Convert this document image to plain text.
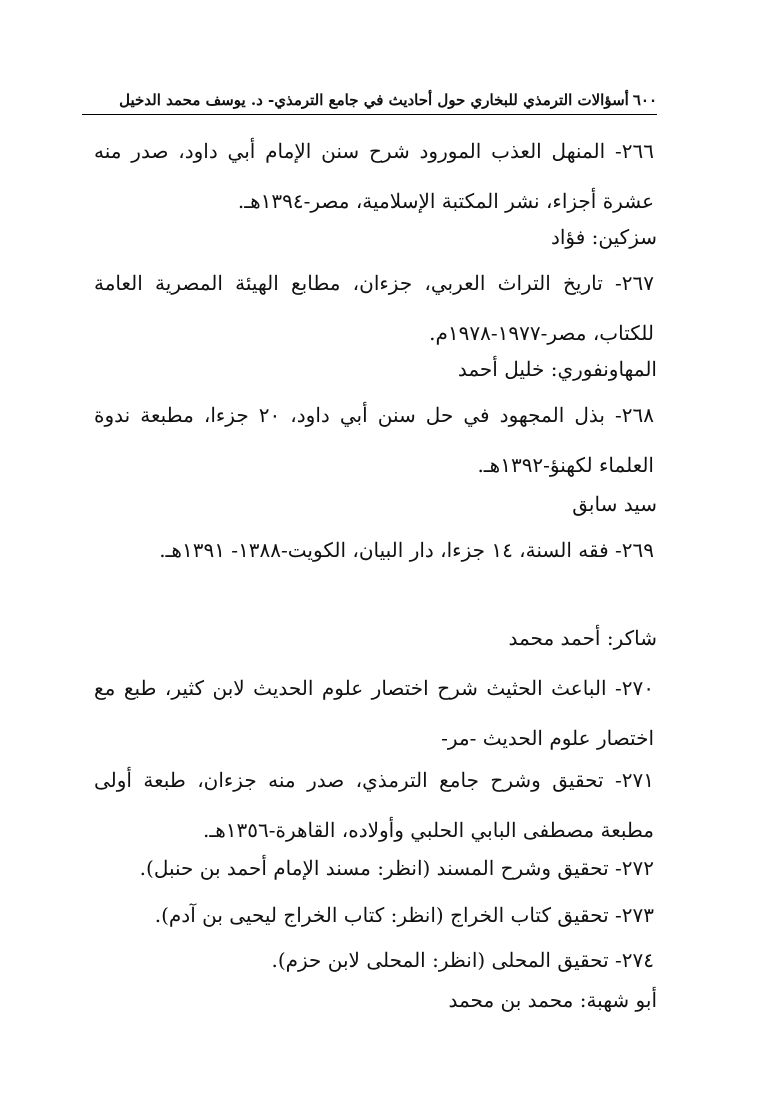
٦٠٠أسؤالات الترمذي للبخاري حول أحاديث في جامع الترمذي- د. يوسف محمد الدخيل
٢٦٦- المنهل العذب المورود شرح سنن الإمام أبي داود، صدر منه عشرة أجزاء، نشر المكتبة الإسلامية، مصر-١٣٩٤هـ.
سزكين: فؤاد
٢٦٧- تاريخ التراث العربي، جزءان، مطابع الهيئة المصرية العامة للكتاب، مصر-١٩٧٧-١٩٧٨م.
المهاونفوري: خليل أحمد
٢٦٨- بذل المجهود في حل سنن أبي داود، ٢٠ جزءا، مطبعة ندوة العلماء لكهنؤ-١٣٩٢هـ.
سيد سابق
٢٦٩- فقه السنة، ١٤ جزءا، دار البيان، الكويت-١٣٨٨- ١٣٩١هـ.
شاكر: أحمد محمد
٢٧٠- الباعث الحثيث شرح اختصار علوم الحديث لابن كثير، طبع مع اختصار علوم الحديث -مر-
٢٧١- تحقيق وشرح جامع الترمذي، صدر منه جزءان، طبعة أولى مطبعة مصطفى البابي الحلبي وأولاده، القاهرة-١٣٥٦هـ.
٢٧٢- تحقيق وشرح المسند (انظر: مسند الإمام أحمد بن حنبل).
٢٧٣- تحقيق كتاب الخراج (انظر: كتاب الخراج ليحيى بن آدم).
٢٧٤- تحقيق المحلى (انظر: المحلى لابن حزم).
أبو شهبة: محمد بن محمد
